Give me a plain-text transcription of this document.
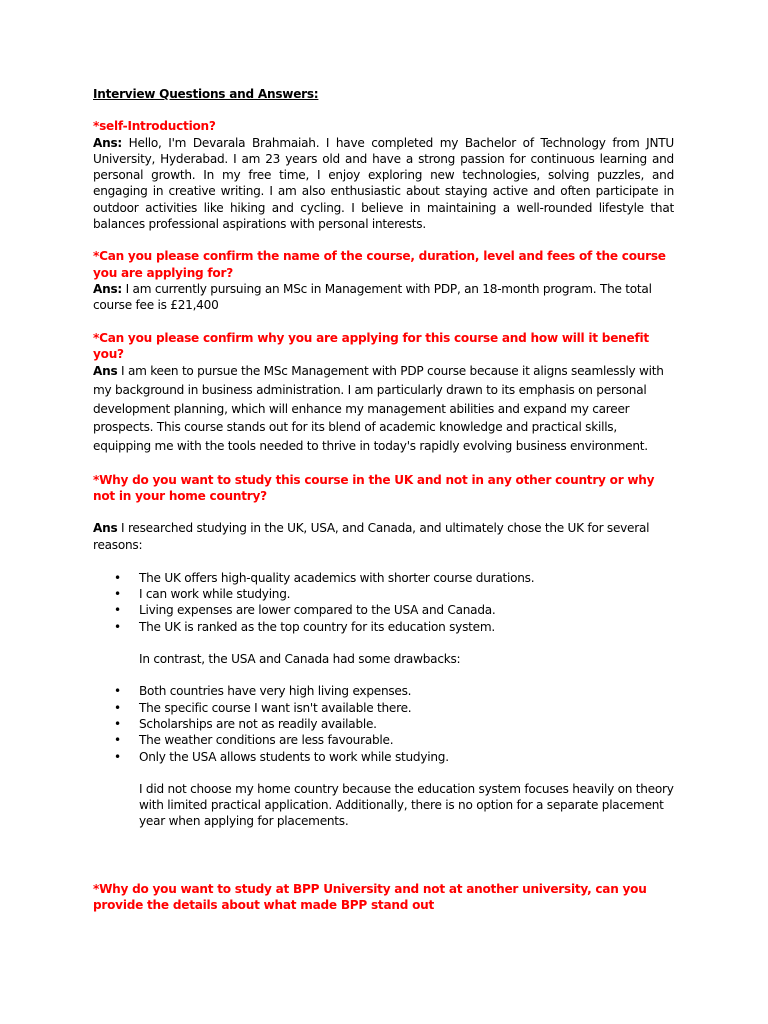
Interview Questions and Answers:

*self-Introduction?

Ans: Hello, I'm Devarala Brahmaiah. I have completed my Bachelor of Technology from JNTU University, Hyderabad. I am 23 years old and have a strong passion for continuous learning and personal growth. In my free time, I enjoy exploring new technologies, solving puzzles, and engaging in creative writing. I am also enthusiastic about staying active and often participate in outdoor activities like hiking and cycling. I believe in maintaining a well-rounded lifestyle that balances professional aspirations with personal interests.

*Can you please confirm the name of the course, duration, level and fees of the course you are applying for?

Ans: I am currently pursuing an MSc in Management with PDP, an 18-month program. The total course fee is £21,400

*Can you please confirm why you are applying for this course and how will it benefit you?

Ans I am keen to pursue the MSc Management with PDP course because it aligns seamlessly with my background in business administration. I am particularly drawn to its emphasis on personal development planning, which will enhance my management abilities and expand my career prospects. This course stands out for its blend of academic knowledge and practical skills, equipping me with the tools needed to thrive in today's rapidly evolving business environment.

*Why do you want to study this course in the UK and not in any other country or why not in your home country?

Ans I researched studying in the UK, USA, and Canada, and ultimately chose the UK for several reasons:

• The UK offers high-quality academics with shorter course durations.
• I can work while studying.
• Living expenses are lower compared to the USA and Canada.
• The UK is ranked as the top country for its education system.

In contrast, the USA and Canada had some drawbacks:

• Both countries have very high living expenses.
• The specific course I want isn't available there.
• Scholarships are not as readily available.
• The weather conditions are less favourable.
• Only the USA allows students to work while studying.

I did not choose my home country because the education system focuses heavily on theory with limited practical application. Additionally, there is no option for a separate placement year when applying for placements.

*Why do you want to study at BPP University and not at another university, can you provide the details about what made BPP stand out
